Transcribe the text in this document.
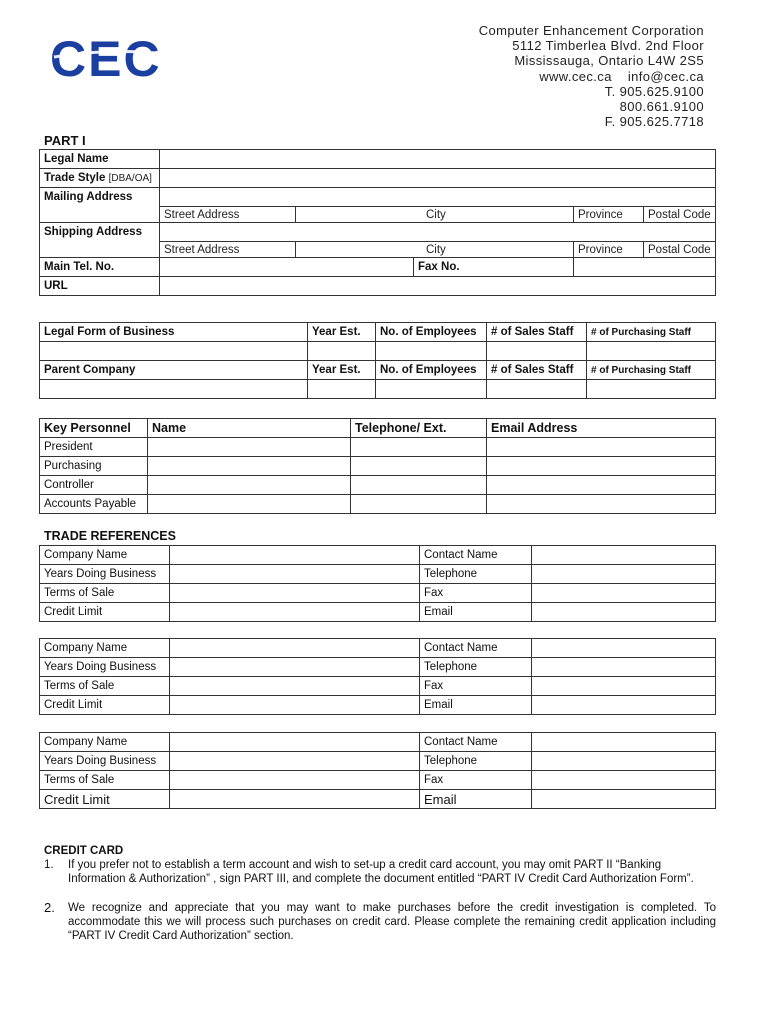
CEC
Computer Enhancement Corporation
5112 Timberlea Blvd. 2nd Floor
Mississauga, Ontario L4W 2S5
www.cec.ca    info@cec.ca
T. 905.625.9100
800.661.9100
F. 905.625.7718
PART I
Legal Name					
Trade Style [DBA/OA]					
Mailing Address					
	Street Address	City		Province	Postal Code
Shipping Address					
	Street Address	City		Province	Postal Code
Main Tel. No.			Fax No.		
URL					
Legal Form of Business	Year Est.	No. of Employees	# of Sales Staff	# of Purchasing Staff

Parent Company	Year Est.	No. of Employees	# of Sales Staff	# of Purchasing Staff

Key Personnel	Name	Telephone/ Ext.	Email Address
President			
Purchasing			
Controller			
Accounts Payable			
TRADE REFERENCES
Company Name		Contact Name	
Years Doing Business		Telephone	
Terms of Sale		Fax	
Credit Limit		Email	
Company Name		Contact Name	
Years Doing Business		Telephone	
Terms of Sale		Fax	
Credit Limit		Email	
Company Name		Contact Name	
Years Doing Business		Telephone	
Terms of Sale		Fax	
Credit Limit		Email	
CREDIT CARD
1. If you prefer not to establish a term account and wish to set-up a credit card account, you may omit PART II “Banking Information & Authorization” , sign PART III, and complete the document entitled “PART IV Credit Card Authorization Form”.
2. We recognize and appreciate that you may want to make purchases before the credit investigation is completed. To accommodate this we will process such purchases on credit card. Please complete the remaining credit application including “PART IV Credit Card Authorization” section.
